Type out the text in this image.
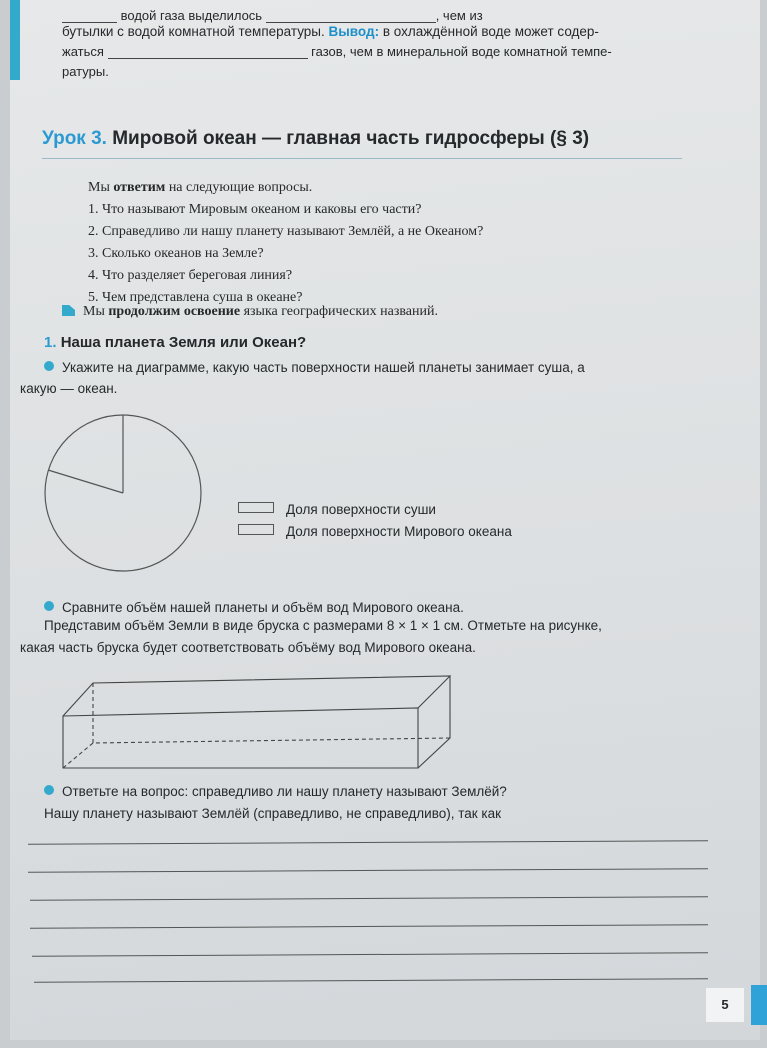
водой газа выделилось	, чем из
бутылки с водой комнатной температуры. Вывод: в охлаждённой воде может содер-
жаться	газов, чем в минеральной воде комнатной темпе-
ратуры.
Урок 3. Мировой океан — главная часть гидросферы (§ 3)
Мы ответим на следующие вопросы.
1. Что называют Мировым океаном и каковы его части?
2. Справедливо ли нашу планету называют Землёй, а не Океаном?
3. Сколько океанов на Земле?
4. Что разделяет береговая линия?
5. Чем представлена суша в океане?
Мы продолжим освоение языка географических названий.
1. Наша планета Земля или Океан?
Укажите на диаграмме, какую часть поверхности нашей планеты занимает суша, а
какую — океан.
Доля поверхности суши
Доля поверхности Мирового океана
Сравните объём нашей планеты и объём вод Мирового океана.
Представим объём Земли в виде бруска с размерами 8 × 1 × 1 см. Отметьте на рисунке,
какая часть бруска будет соответствовать объёму вод Мирового океана.
Ответьте на вопрос: справедливо ли нашу планету называют Землёй?
Нашу планету называют Землёй (справедливо, не справедливо), так как
5
